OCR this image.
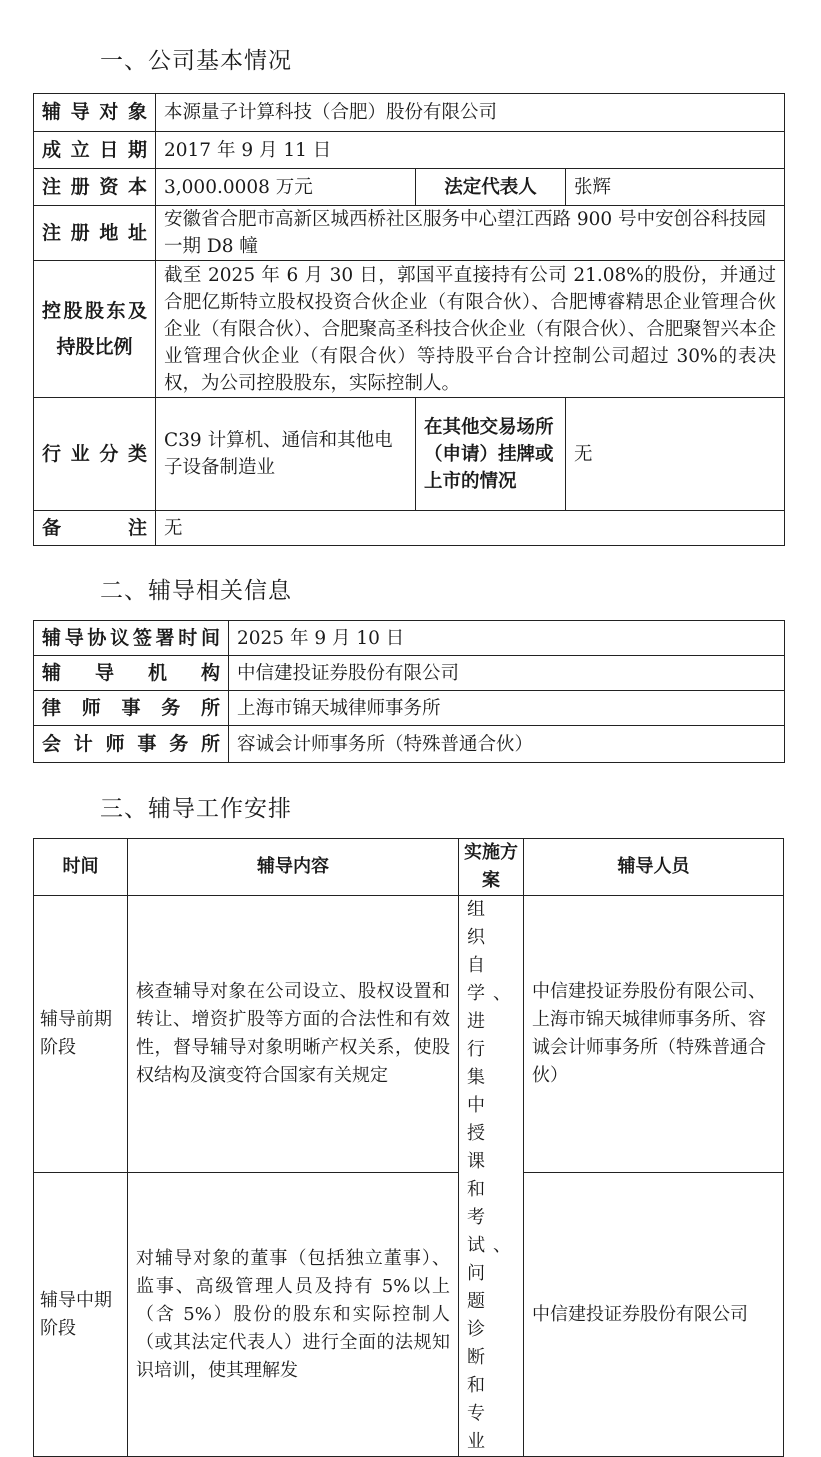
一、公司基本情况
辅导对象	本源量子计算科技（合肥）股份有限公司		
成立日期	2017 年 9 月 11 日		
注册资本	3,000.0008 万元	法定代表人	张辉
注册地址	安徽省合肥市高新区城西桥社区服务中心望江西路 900 号中安创谷科技园一期 D8 幢		
控股股东及持股比例	截至 2025 年 6 月 30 日，郭国平直接持有公司 21.08%的股份，并通过合肥亿斯特立股权投资合伙企业（有限合伙）、合肥博睿精思企业管理合伙企业（有限合伙）、合肥聚高圣科技合伙企业（有限合伙）、合肥聚智兴本企业管理合伙企业（有限合伙）等持股平台合计控制公司超过 30%的表决权，为公司控股股东，实际控制人。		
行业分类	C39 计算机、通信和其他电子设备制造业	在其他交易场所（申请）挂牌或上市的情况	无
备注	无		
二、辅导相关信息
辅导协议签署时间	2025 年 9 月 10 日
辅导机构	中信建投证券股份有限公司
律师事务所	上海市锦天城律师事务所
会计师事务所	容诚会计师事务所（特殊普通合伙）
三、辅导工作安排
时间	辅导内容	实施方案	辅导人员
辅导前期阶段	核查辅导对象在公司设立、股权设置和转让、增资扩股等方面的合法性和有效性，督导辅导对象明晰产权关系，使股权结构及演变符合国家有关规定	组织自学、进行集中授课和考试、问题诊断和专业	中信建投证券股份有限公司、上海市锦天城律师事务所、容诚会计师事务所（特殊普通合伙）
辅导中期阶段	对辅导对象的董事（包括独立董事）、监事、高级管理人员及持有 5%以上（含 5%）股份的股东和实际控制人（或其法定代表人）进行全面的法规知识培训，使其理解发		中信建投证券股份有限公司
